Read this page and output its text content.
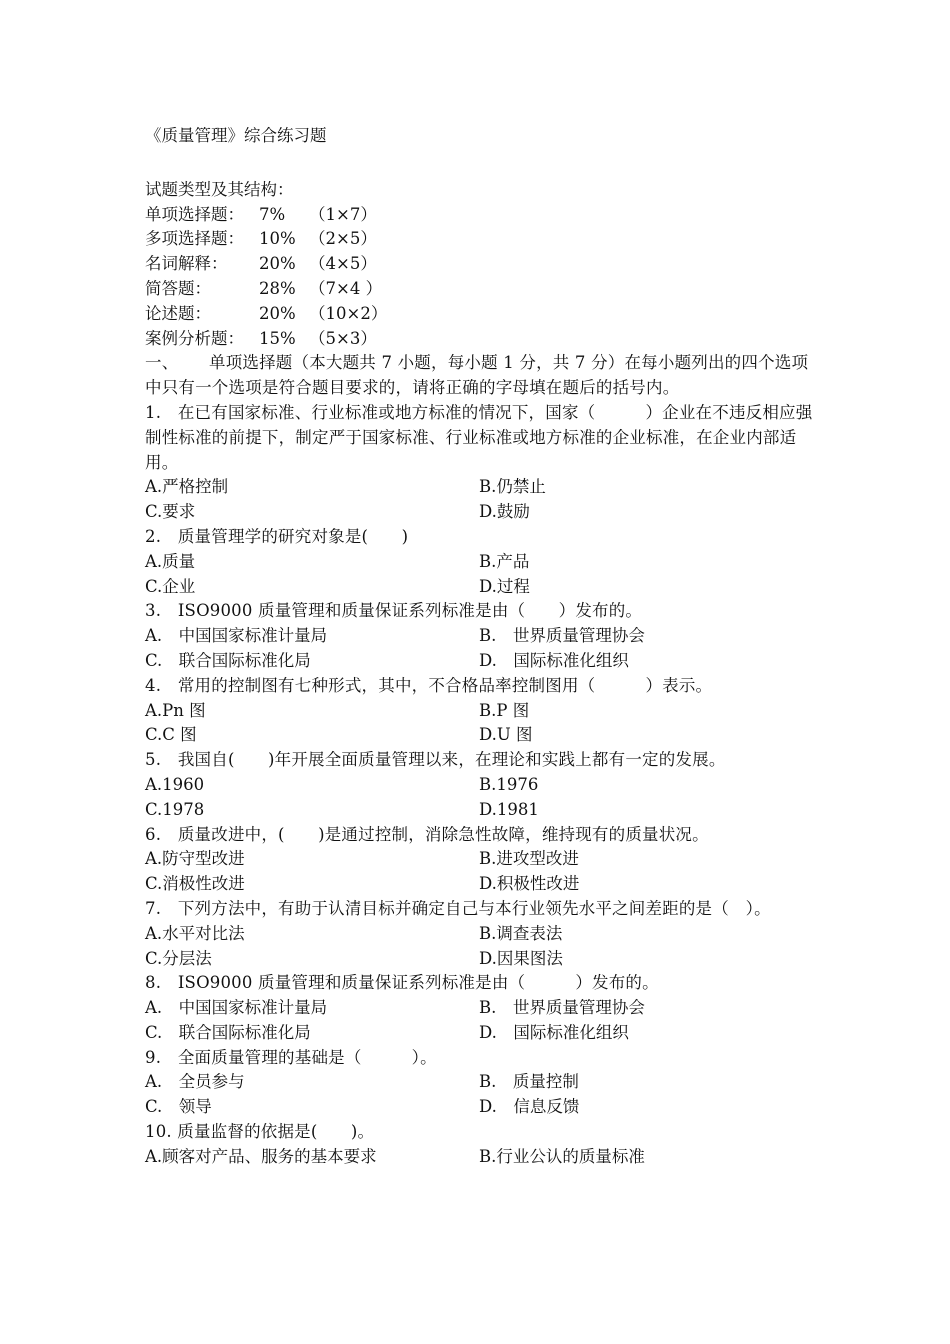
《质量管理》综合练习题
试题类型及其结构：
单项选择题： 7%	（1×7）
多项选择题： 10% （2×5）
名词解释：	20% （4×5）
简答题：	28% （7×4 ）
论述题：	20% （10×2）
案例分析题： 15% （5×3）
一、 单项选择题（本大题共 7 小题，每小题 1 分，共 7 分）在每小题列出的四个选项中只有一个选项是符合题目要求的，请将正确的字母填在题后的括号内。
1.　在已有国家标准、行业标准或地方标准的情况下，国家（　　　）企业在不违反相应强制性标准的前提下，制定严于国家标准、行业标准或地方标准的企业标准，在企业内部适用。
A.严格控制	B.仍禁止
C.要求	D.鼓励
2.　质量管理学的研究对象是(　　)
A.质量	B.产品
C.企业	D.过程
3.　ISO9000 质量管理和质量保证系列标准是由（　　）发布的。
A.　中国国家标准计量局	B.　世界质量管理协会
C.　联合国际标准化局	D.　国际标准化组织
4.　常用的控制图有七种形式，其中，不合格品率控制图用（　　　）表示。
A.Pn 图	B.P 图
C.C 图	D.U 图
5.　我国自(　　)年开展全面质量管理以来，在理论和实践上都有一定的发展。
A.1960	B.1976
C.1978	D.1981
6.　质量改进中，(　　)是通过控制，消除急性故障，维持现有的质量状况。
A.防守型改进	B.进攻型改进
C.消极性改进	D.积极性改进
7.　下列方法中，有助于认清目标并确定自己与本行业领先水平之间差距的是（　）。
A.水平对比法	B.调查表法
C.分层法	D.因果图法
8.　ISO9000 质量管理和质量保证系列标准是由（　　　）发布的。
A.　中国国家标准计量局	B.　世界质量管理协会
C.　联合国际标准化局	D.　国际标准化组织
9.　全面质量管理的基础是（　　　）。
A.　全员参与	B.　质量控制
C.　领导	D.　信息反馈
10. 质量监督的依据是(　　)。
A.顾客对产品、服务的基本要求	B.行业公认的质量标准
